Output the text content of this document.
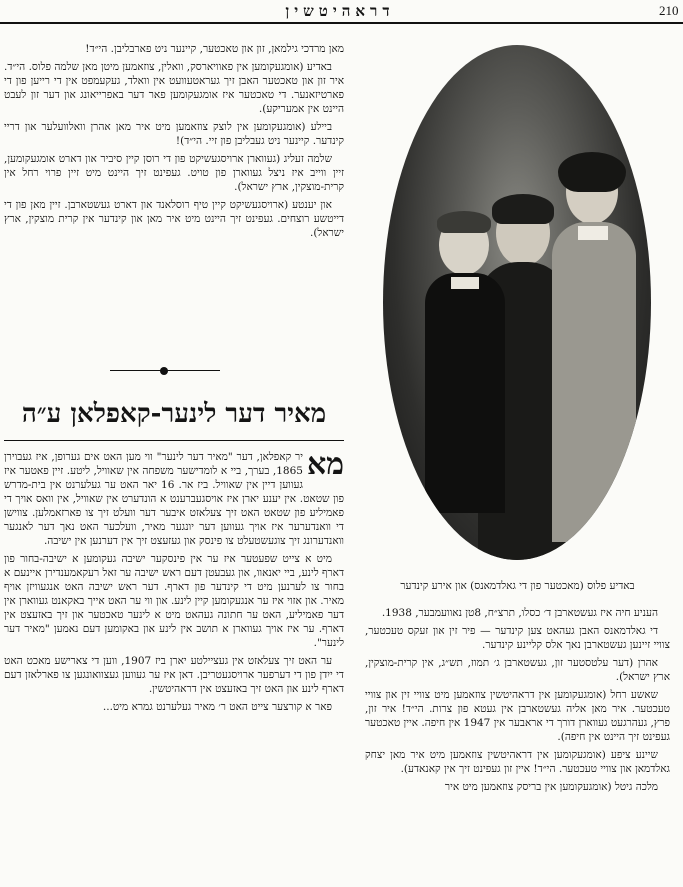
210
דראהיטשין

מאן מרדכי גילמאן, זון און טאכטער, קיינער ניט פארבליבן. הי״ד!

באדיע (אומגעקומען אין פאוויארסק, וואלין, צוזאמען מיטן מאן שלמה פלוס. הי״ד. איר זון און טאכטער האבן זיך געראטעוועט אין וואלד, געקעמפט אין די רייען פון די פארטיזאנער. די טאכטער איז אומגעקומען פאר דער באפרייאונג און דער זון לעבט היינט אין אמעריקע).

ביילע (אומגעקומען אין לוצק צוזאמען מיט איר מאן אהרן וואלוועלער און דריי קינדער. קיינער ניט געבליבן פון זיי. הי״ד)!

שלמה זעליג (געווארן ארויסגעשיקט פון די רוסן קיין סיביר און דארט אומגעקומען, זיין ווייב איז ניצל געווארן פון טויט. געפינט זיך היינט מיט זיין פרוי רחל אין קרית-מוצקין, ארץ ישראל).

און יענטע (ארויסגעשיקט קיין טיף רוסלאנד און דארט געשטארבן. זיין מאן פון די דייטשע רוצחים. געפינט זיך היינט מיט איר מאן און קינדער אין קרית מוצקין, ארץ ישראל).

מאיר דער לינער-קאפלאן ע״ה

מא
יר קאפלאן, דער "מאיר דער לינער" ווי מען האט אים גערופן, איז געבוירן 1865, בערך, ביי א לומדישער משפחה אין שאוויל, ליטע. זיין פאטער איז געווען דיין אין שאוויל. ביז אר. 16 יאר האט ער געלערנט אין בית-מדרש פון שטאט. אין יענע יארן איז אויסגעברענט א הונדערט אין שאוויל, אין וואס אויך די פאמיליע פון שטאט האט זיך צעלאזט איבער דער וועלט זיך צו פארזאמלען. צווישן די וואנדערער איז אויך געווען דער יונגער מאיר, וועלכער האט נאך דער לאנגער וואנדערונג זיך צוגעשטעלט צו פינסק און געזעצט זיך אין דערנען אין ישיבה.

מיט א צייט שפעטער איז ער אין פינסקער ישיבה געקומען א ישיבה-בחור פון דארף לינע, ביי יאנאוו, און געבעטן דעם ראש ישיבה ער זאל רעקאמענדירן איינעם א בחור צו לערנען מיט די קינדער פון דארף. דער ראש ישיבה האט אנגעוויזן אויף מאיר. און אזוי איז ער אנגעקומען קיין לינע. און ווי ער האט אייך באקאנט געווארן אין דער פאמיליע, האט ער חתונה געהאט מיט א לינער טאכטער און זיך באזעצט אין דארף. ער איז אויך געווארן א תושב אין לינע און באקומען דעם נאמען "מאיר דער לינער".

ער האט זיך צעלאזט אין געציילטע יארן ביז 1907, ווען די צארישע מאכט האט די ייִדן פון די דערפער ארויסגעטריבן. דאן איז ער געווען געצוואונגען צו פארלאזן דעם דארף לינע און האט זיך באזעצט אין דראהיטשין.

פאר א קורצער צייט האט ר׳ מאיר געלערנט גמרא מיט...

באדיע פלוס (מאכטער פון די גאלדמאנס) און אירע קינדער

העניע חיה איז געשטארבן ד׳ כסלו, תרצ״ח, 8טן נאוועמבער, 1938.

די גאלדמאנס האבן געהאט צען קינדער — פיר זין און זעקס טעכטער, צוויי זיינען געשטארבן נאך אלס קליינע קינדער.

אהרן (דער עלטסטער זון, געשטארבן ג׳ תמוז, תש״ג, אין קרית-מוצקין, ארץ ישראל).

שאשע רחל (אומגעקומען אין דראהיטשין צוזאמען מיט צוויי זין און צוויי טעכטער. איר מאן אליה געשטארבן אין געטא פון צרות. הי״ד! איר זון, פרץ, געהרגעט געווארן דורך די אראבער אין 1947 אין חיפה. איין טאכטער געפינט זיך היינט אין חיפה).

שיינע ציפע (אומגעקומען אין דראהיטשין צוזאמען מיט איר מאן יצחק גאלדמאן און צוויי טעכטער. הי״ד! איין זון געפינט זיך אין קאנאדע).

מלכה גיטל (אומגעקומען אין בריסק צוזאמען מיט איר
